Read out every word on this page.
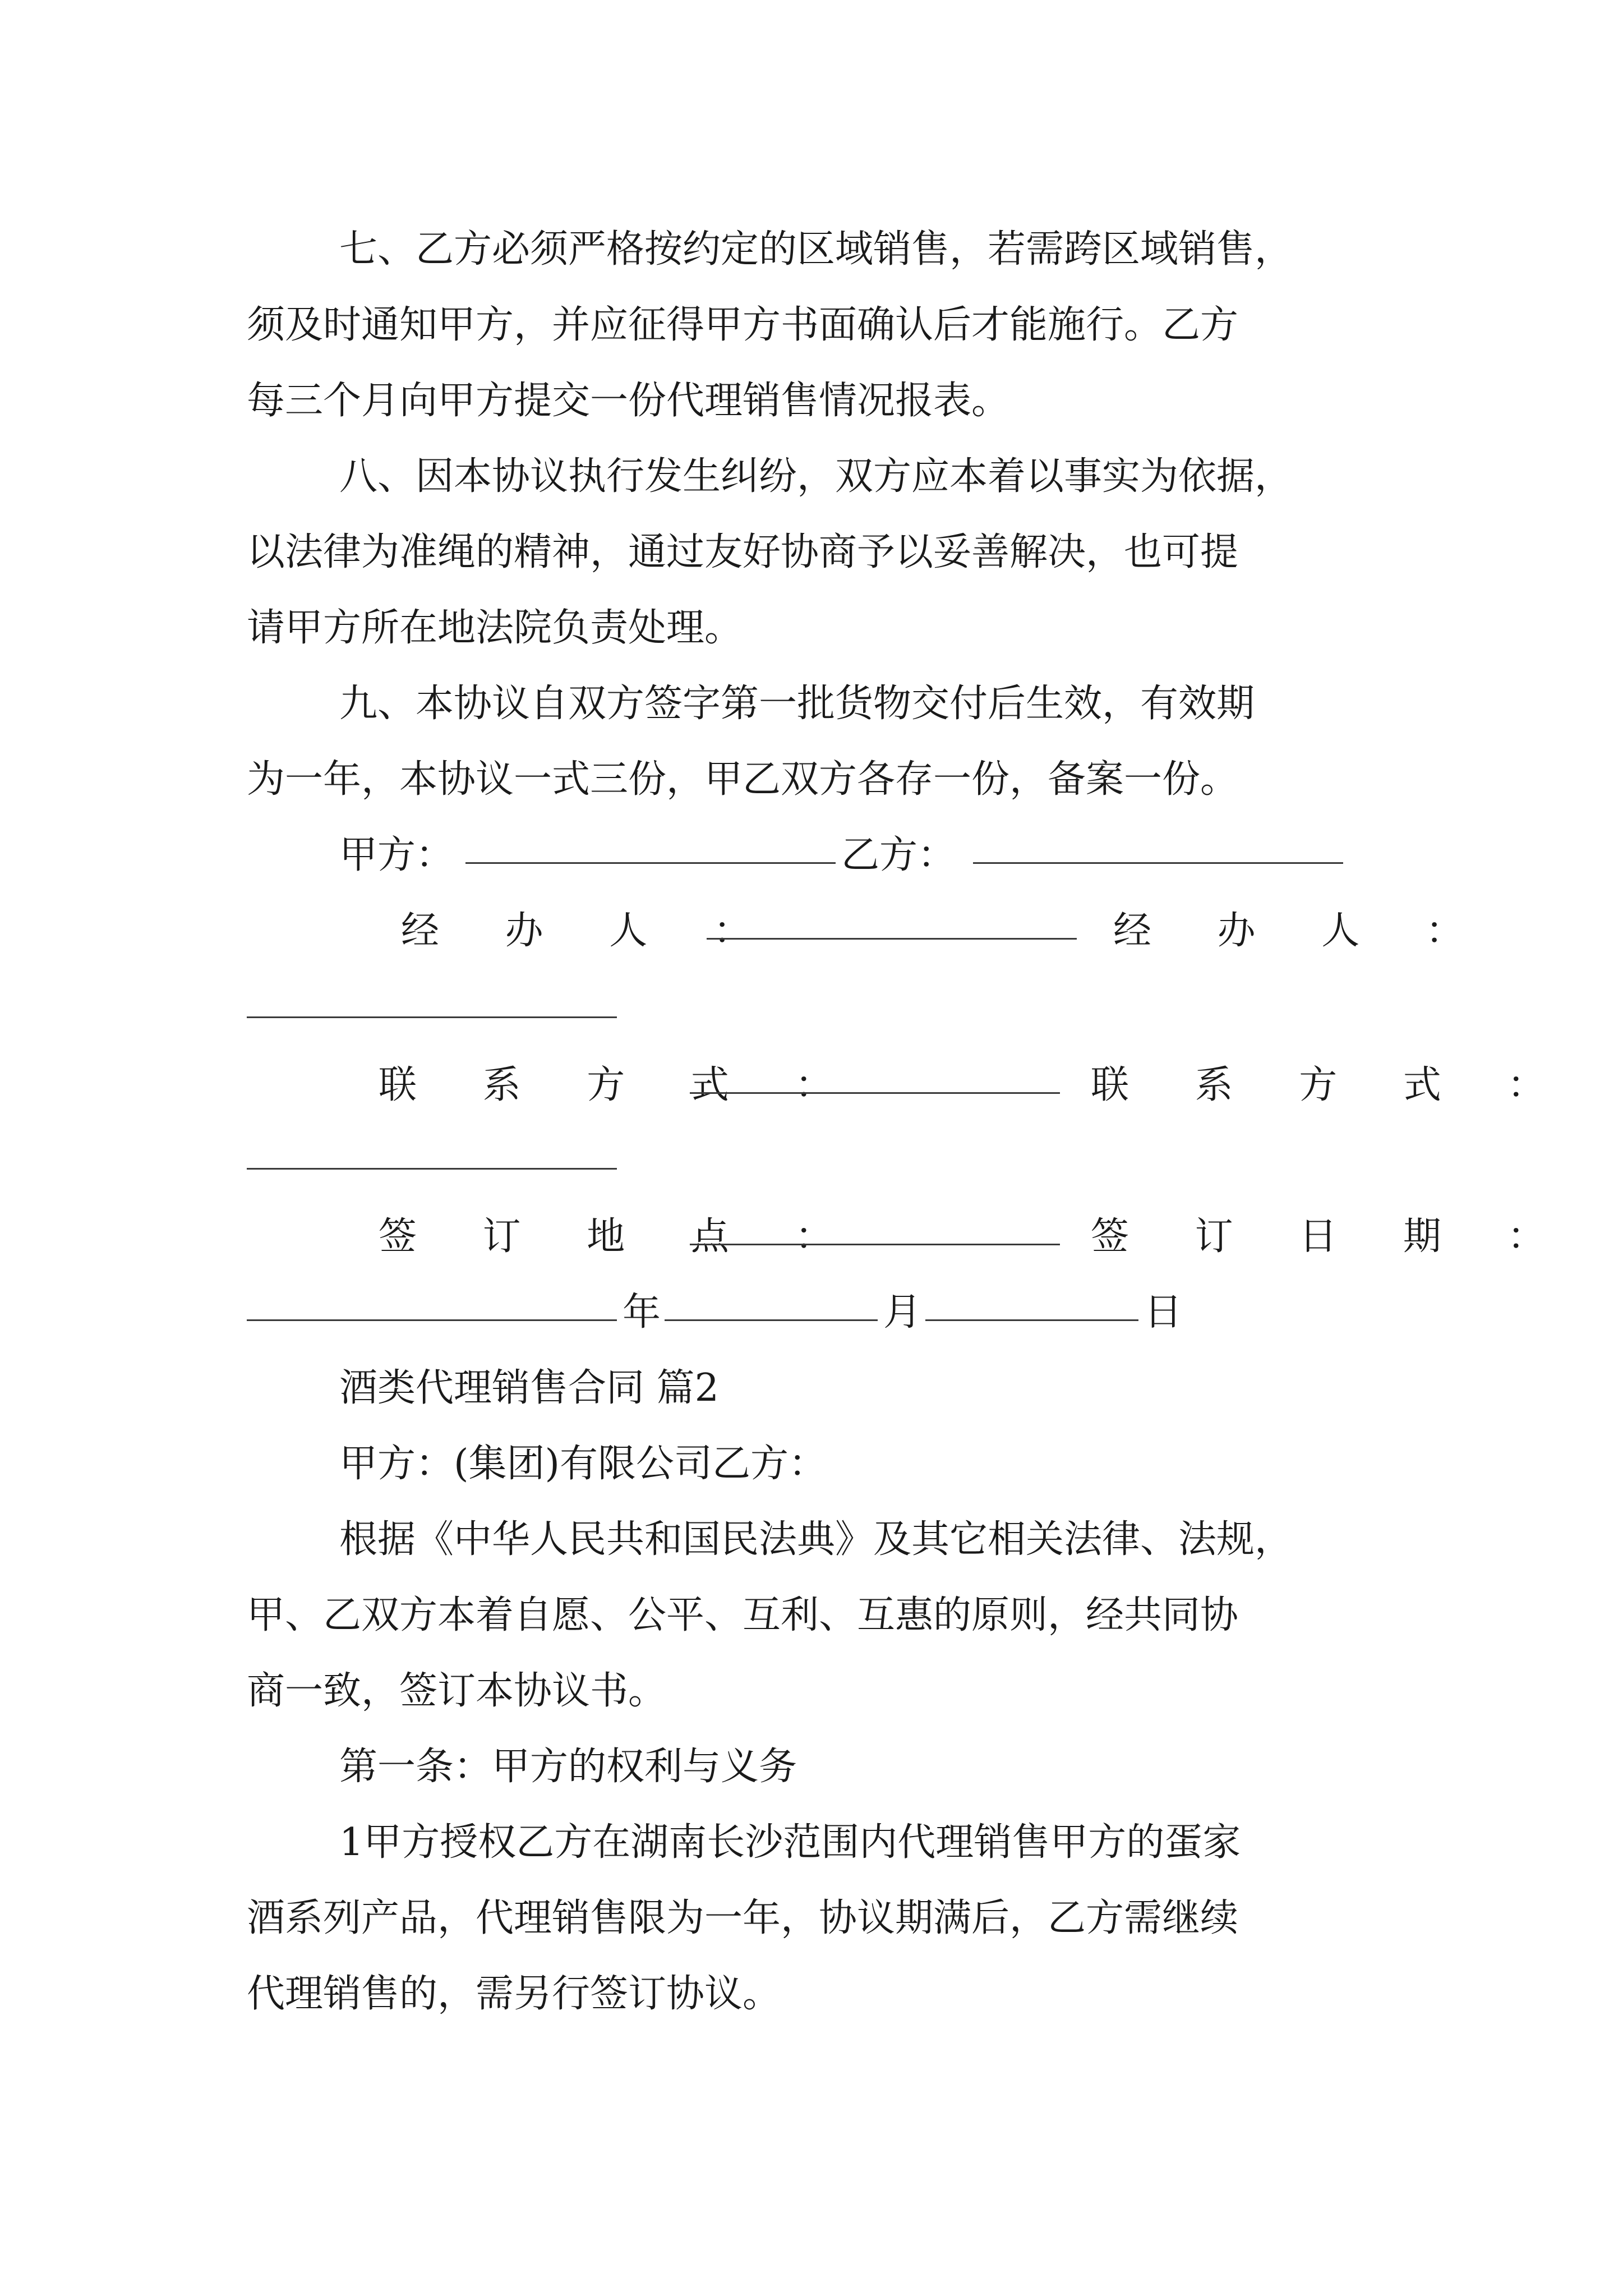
七、乙方必须严格按约定的区域销售，若需跨区域销售，
须及时通知甲方，并应征得甲方书面确认后才能施行。乙方
每三个月向甲方提交一份代理销售情况报表。
八、因本协议执行发生纠纷，双方应本着以事实为依据，
以法律为准绳的精神，通过友好协商予以妥善解决，也可提
请甲方所在地法院负责处理。
九、本协议自双方签字第一批货物交付后生效，有效期
为一年，本协议一式三份，甲乙双方各存一份，备案一份。
甲方：	乙方：
经 办 人 ：	经 办 人 ：
联 系 方 式 ：	联 系 方 式 ：
签 订 地 点 ：	签 订 日 期 ：
年	月	日
酒类代理销售合同 篇2
甲方：(集团)有限公司乙方：
根据《中华人民共和国民法典》及其它相关法律、法规，
甲、乙双方本着自愿、公平、互利、互惠的原则，经共同协
商一致，签订本协议书。
第一条：甲方的权利与义务
1甲方授权乙方在湖南长沙范围内代理销售甲方的蛋家
酒系列产品，代理销售限为一年，协议期满后，乙方需继续
代理销售的，需另行签订协议。
